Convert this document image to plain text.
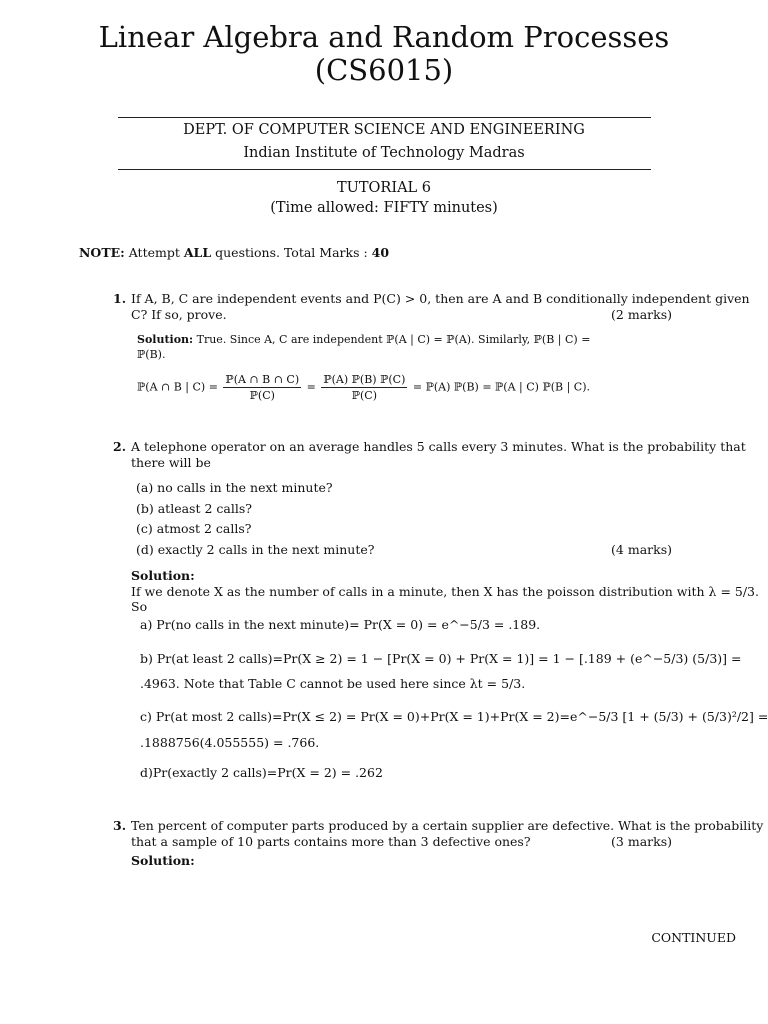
Linear Algebra and Random Processes
(CS6015)
DEPT. OF COMPUTER SCIENCE AND ENGINEERING
Indian Institute of Technology Madras
TUTORIAL 6
(Time allowed: FIFTY minutes)
NOTE: Attempt ALL questions. Total Marks : 40
1. If A, B, C are independent events and P(C) > 0, then are A and B conditionally independent given
C? If so, prove.	(2 marks)
Solution: True. Since A, C are independent ℙ(A | C) = ℙ(A). Similarly, ℙ(B | C) =
ℙ(B).
ℙ(A ∩ B | $C) = \frac{\text{ℙ(A ∩ B ∩ C)}}{\text{ℙ(C)}} = \frac{\text{ℙ(A) ℙ(B) ℙ(C)}}{\text{ℙ(C)}}$ = ℙ(A) ℙ(B) = ℙ(A | C) ℙ(B | C).
2. A telephone operator on an average handles 5 calls every 3 minutes. What is the probability that
there will be
(a) no calls in the next minute?
(b) atleast 2 calls?
(c) atmost 2 calls?
(d) exactly 2 calls in the next minute?	(4 marks)
Solution:
If we denote X as the number of calls in a minute, then X has the poisson distribution with λ = 5/3.
So
a) Pr(no calls in the next minute)= Pr(X = 0) = e^−5/3 = .189.
b) Pr(at least 2 calls)=Pr(X ≥ 2) = 1 − [Pr(X = 0) + Pr(X = 1)] = 1 − [.189 + (e^−5/3) (5/3)] =
.4963. Note that Table C cannot be used here since λt = 5/3.
c) Pr(at most 2 calls)=Pr(X ≤ 2) = Pr(X = 0)+Pr(X = 1)+Pr(X = 2)=e^−5/3 [1 + (5/3) + (5/3)²/2] =
.1888756(4.055555) = .766.
d)Pr(exactly 2 calls)=Pr(X = 2) = .262
3. Ten percent of computer parts produced by a certain supplier are defective. What is the probability
that a sample of 10 parts contains more than 3 defective ones?	(3 marks)
Solution:
CONTINUED
